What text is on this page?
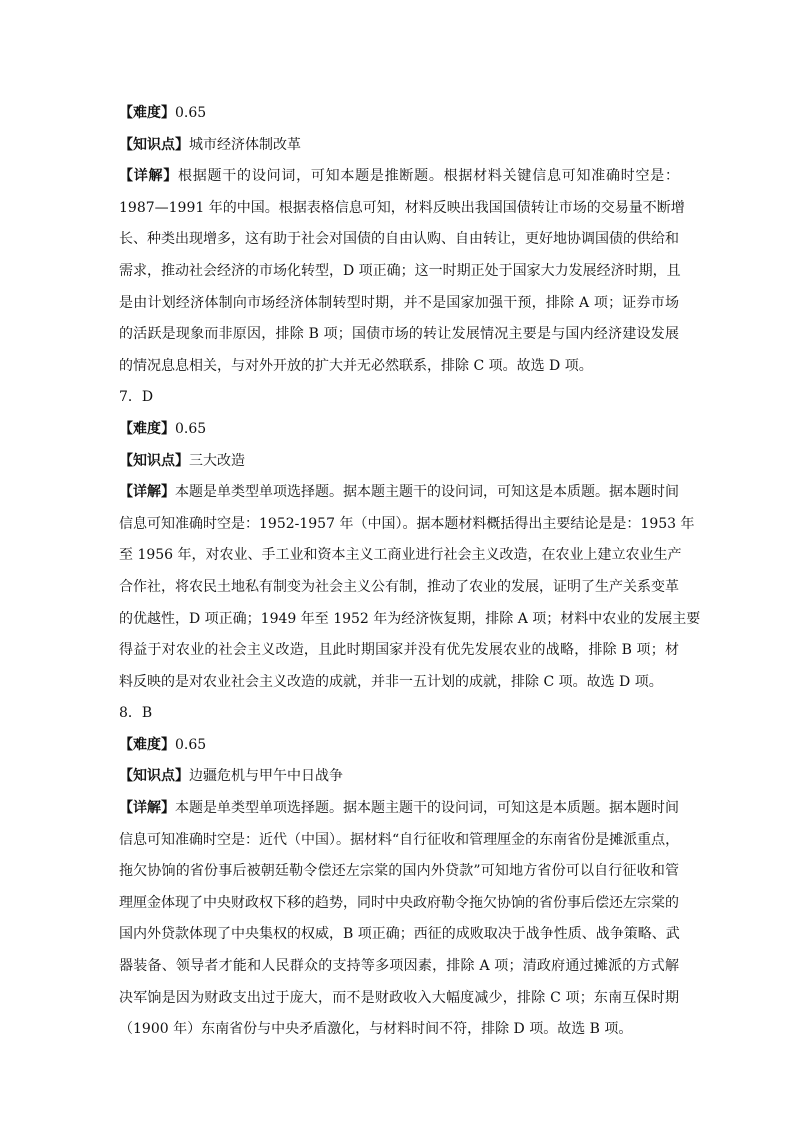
【难度】0.65
【知识点】城市经济体制改革
【详解】根据题干的设问词，可知本题是推断题。根据材料关键信息可知准确时空是：
1987—1991 年的中国。根据表格信息可知，材料反映出我国国债转让市场的交易量不断增
长、种类出现增多，这有助于社会对国债的自由认购、自由转让，更好地协调国债的供给和
需求，推动社会经济的市场化转型，D 项正确；这一时期正处于国家大力发展经济时期，且
是由计划经济体制向市场经济体制转型时期，并不是国家加强干预，排除 A 项；证券市场
的活跃是现象而非原因，排除 B 项；国债市场的转让发展情况主要是与国内经济建设发展
的情况息息相关，与对外开放的扩大并无必然联系，排除 C 项。故选 D 项。
7．D
【难度】0.65
【知识点】三大改造
【详解】本题是单类型单项选择题。据本题主题干的设问词，可知这是本质题。据本题时间
信息可知准确时空是：1952-1957 年（中国）。据本题材料概括得出主要结论是是：1953 年
至 1956 年，对农业、手工业和资本主义工商业进行社会主义改造，在农业上建立农业生产
合作社，将农民土地私有制变为社会主义公有制，推动了农业的发展，证明了生产关系变革
的优越性，D 项正确；1949 年至 1952 年为经济恢复期，排除 A 项；材料中农业的发展主要
得益于对农业的社会主义改造，且此时期国家并没有优先发展农业的战略，排除 B 项；材
料反映的是对农业社会主义改造的成就，并非一五计划的成就，排除 C 项。故选 D 项。
8．B
【难度】0.65
【知识点】边疆危机与甲午中日战争
【详解】本题是单类型单项选择题。据本题主题干的设问词，可知这是本质题。据本题时间
信息可知准确时空是：近代（中国）。据材料“自行征收和管理厘金的东南省份是摊派重点，
拖欠协饷的省份事后被朝廷勒令偿还左宗棠的国内外贷款”可知地方省份可以自行征收和管
理厘金体现了中央财政权下移的趋势，同时中央政府勒令拖欠协饷的省份事后偿还左宗棠的
国内外贷款体现了中央集权的权威，B 项正确；西征的成败取决于战争性质、战争策略、武
器装备、领导者才能和人民群众的支持等多项因素，排除 A 项；清政府通过摊派的方式解
决军饷是因为财政支出过于庞大，而不是财政收入大幅度减少，排除 C 项；东南互保时期
（1900 年）东南省份与中央矛盾激化，与材料时间不符，排除 D 项。故选 B 项。
